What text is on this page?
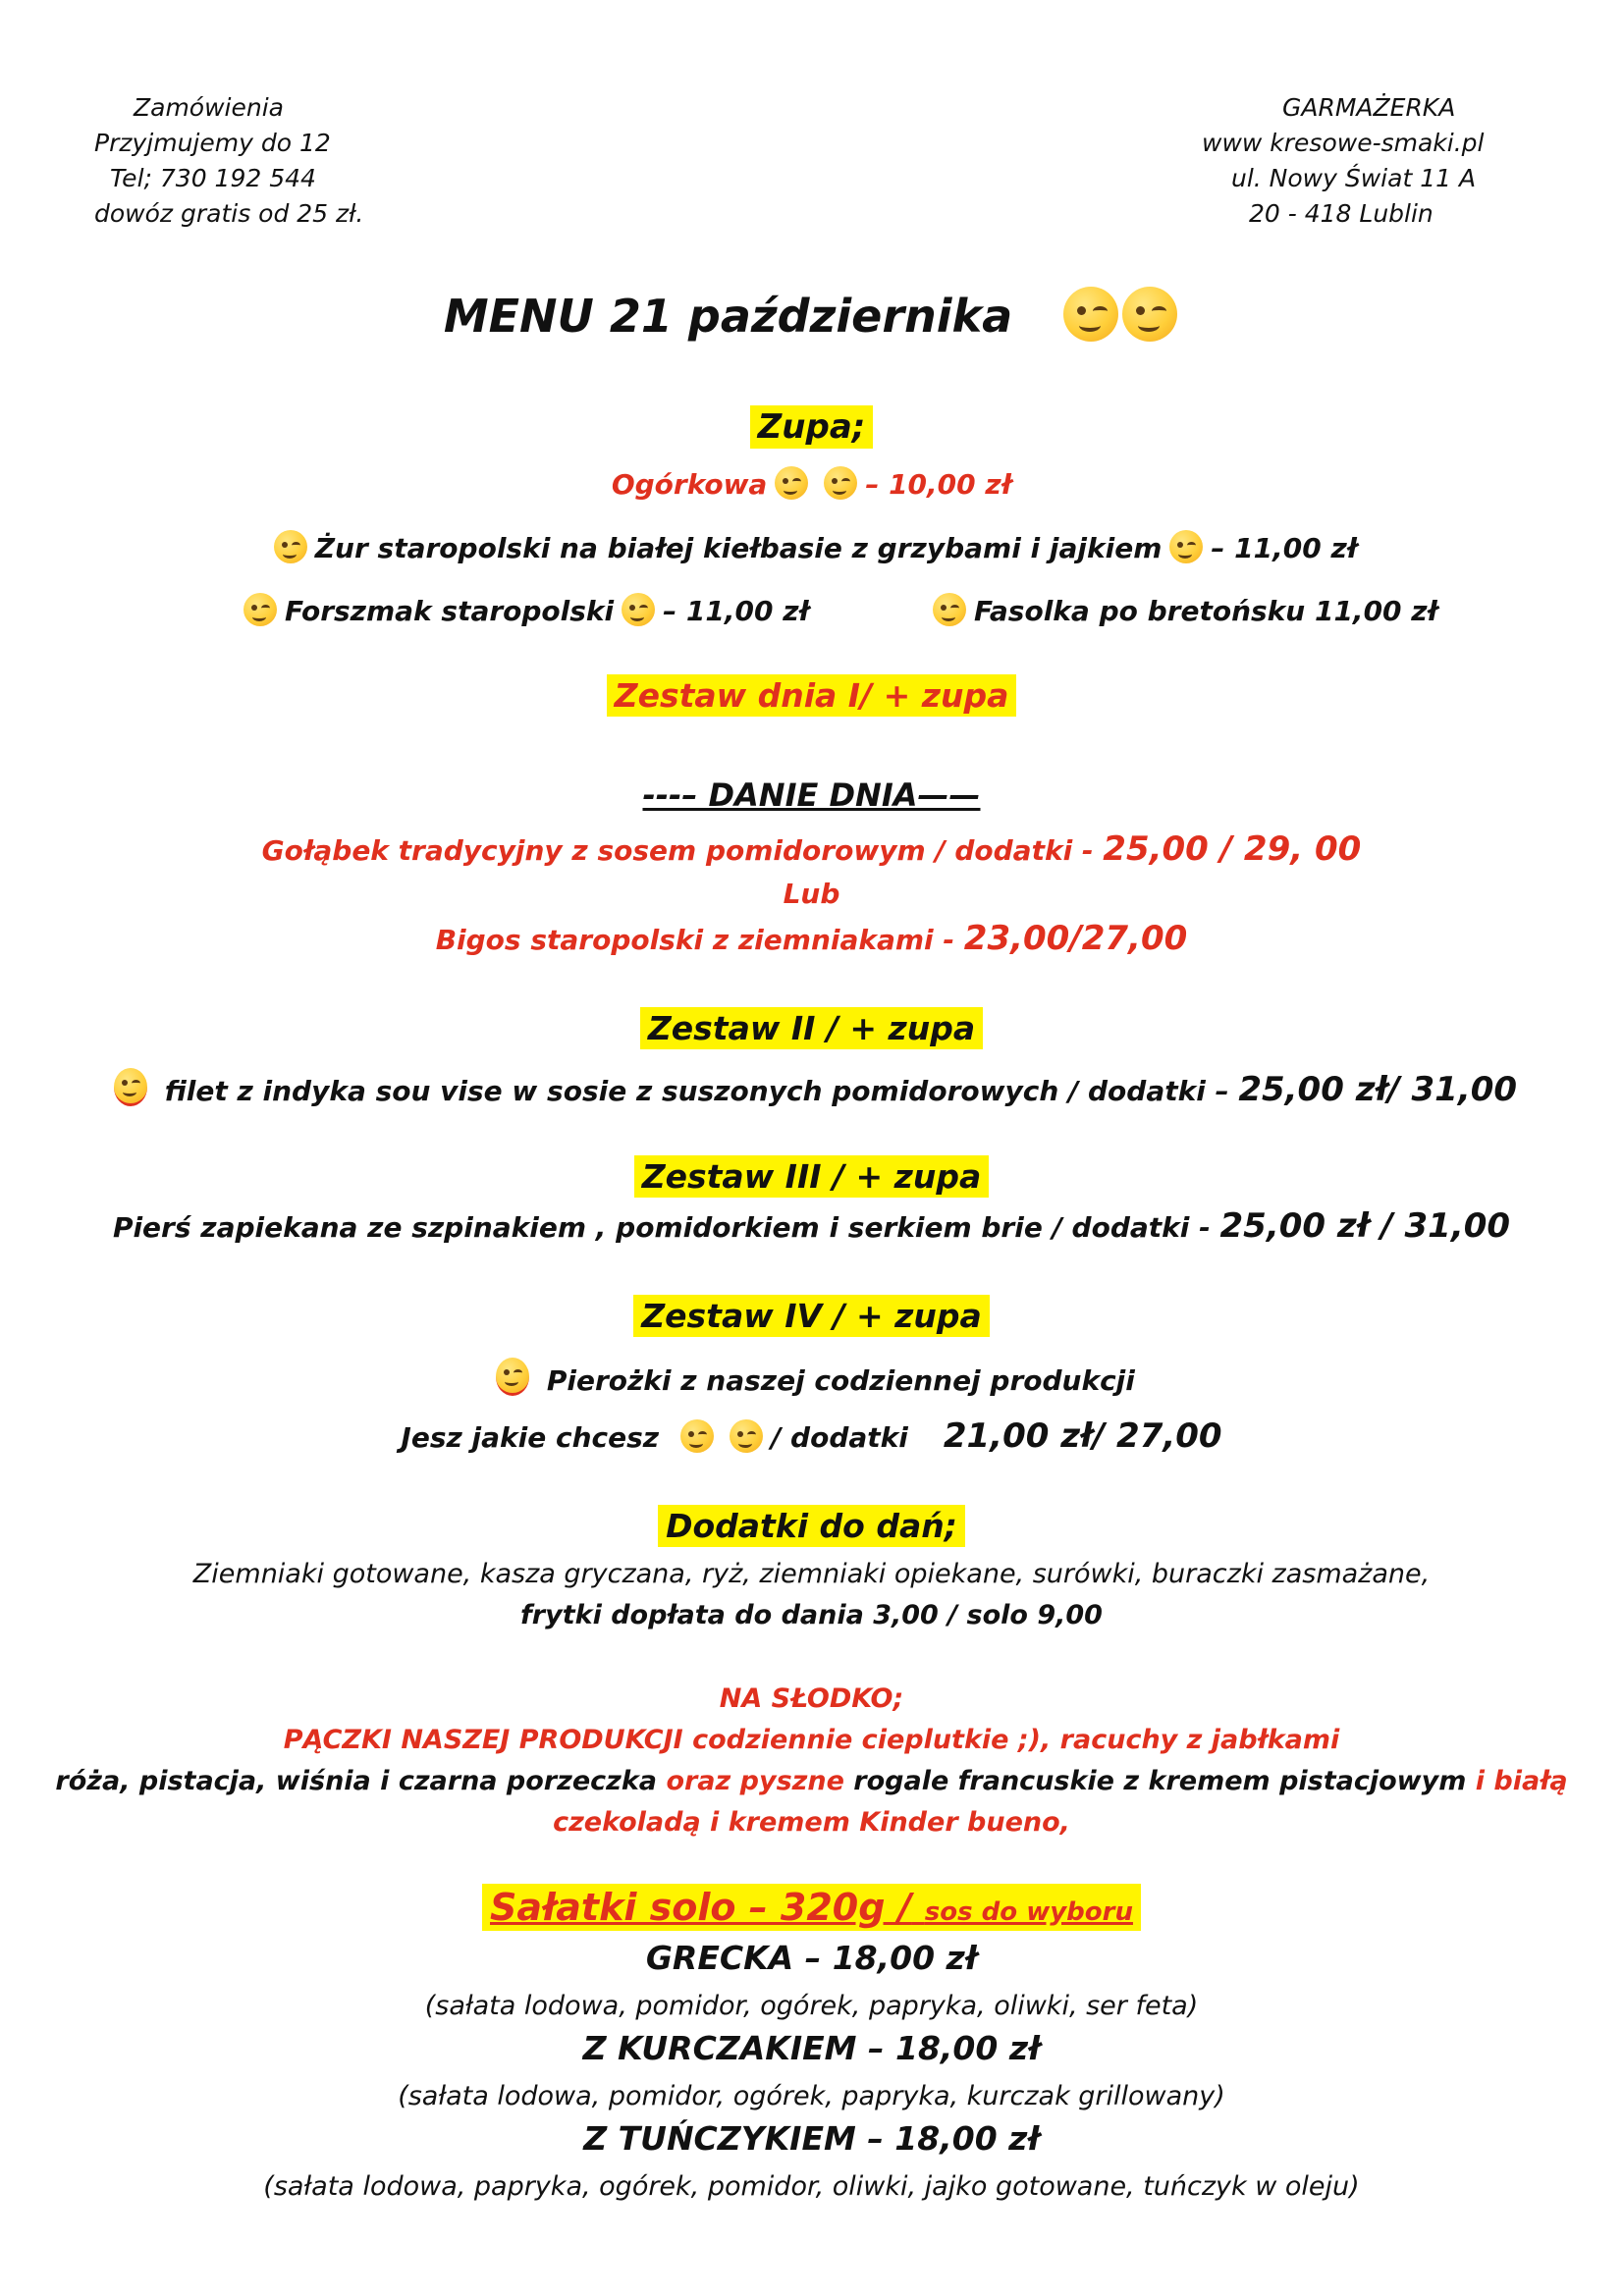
Zamówienia
Przyjmujemy do 12
Tel; 730 192 544
dowóz gratis od 25 zł.
GARMAŻERKA
www kresowe-smaki.pl
ul. Nowy Świat 11 A
20 - 418 Lublin
MENU 21 października
Zupa;
Ogórkowa	– 10,00 zł
Żur staropolski na białej kiełbasie z grzybami i jajkiem – 11,00 zł
Forszmak staropolski – 11,00 zł	Fasolka po bretońsku 11,00 zł
Zestaw dnia I/ + zupa
---– DANIE DNIA——
Gołąbek tradycyjny z sosem pomidorowym / dodatki - 25,00 / 29, 00
Lub
Bigos staropolski z ziemniakami - 23,00/27,00
Zestaw II / + zupa
filet z indyka sou vise w sosie z suszonych pomidorowych / dodatki – 25,00 zł/ 31,00
Zestaw III / + zupa
Pierś zapiekana ze szpinakiem , pomidorkiem i serkiem brie / dodatki - 25,00 zł / 31,00
Zestaw IV / + zupa
Pierożki z naszej codziennej produkcji
Jesz jakie chcesz	/ dodatki 21,00 zł/ 27,00
Dodatki do dań;
Ziemniaki gotowane, kasza gryczana, ryż, ziemniaki opiekane, surówki, buraczki zasmażane,
frytki dopłata do dania 3,00 / solo 9,00
NA SŁODKO;
PĄCZKI NASZEJ PRODUKCJI codziennie cieplutkie ;), racuchy z jabłkami
róża, pistacja, wiśnia i czarna porzeczka oraz pyszne rogale francuskie z kremem pistacjowym i białą
czekoladą i kremem Kinder bueno,
Sałatki solo – 320g / sos do wyboru
GRECKA – 18,00 zł
(sałata lodowa, pomidor, ogórek, papryka, oliwki, ser feta)
Z KURCZAKIEM – 18,00 zł
(sałata lodowa, pomidor, ogórek, papryka, kurczak grillowany)
Z TUŃCZYKIEM – 18,00 zł
(sałata lodowa, papryka, ogórek, pomidor, oliwki, jajko gotowane, tuńczyk w oleju)
